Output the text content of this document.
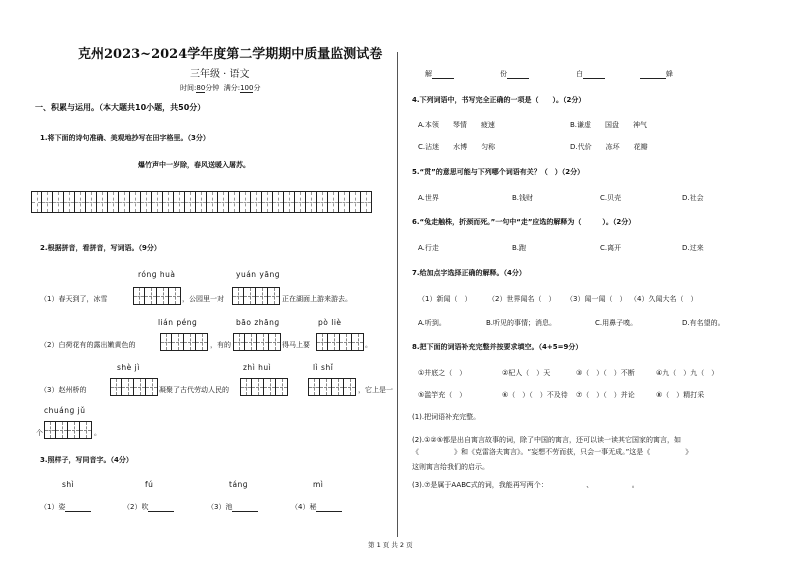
克州2023~2024学年度第二学期期中质量监测试卷
三年级 · 语文
时间:80分钟 满分:100分
一、积累与运用。（本大题共10小题，共50分）
1.将下面的诗句准确、美观地抄写在田字格里。（3分）
爆竹声中一岁除，春风送暖入屠苏。
2.根据拼音，看拼音，写词语。（9分）
rónɡ huà	yuán yānɡ
（1）春天到了，冰雪	，公园里一对	正在湖面上游来游去。
lián pénɡ	bāo zhānɡ	pò liè
（2）白荷花有的露出嫩黄色的	，有的	得马上要	。
shè jì	zhì huì	lì shǐ
（3）赵州桥的	凝聚了古代劳动人民的	，它上是一
chuánɡ jǔ
个	。
3.照样子，写同音字。（4分）
shì	fú	tánɡ	mì
（1）姿	（2）吹	（3）池	（4）秘
解	份	白	蜂
4.下列词语中，书写完全正确的一项是（　　）。（2分）
A.本领　　琴情　　疲速	B.谦虚　　国盘　　神气
C.沾迷　　水博　　匀称	D.代价　　冻坏　　花瓣
5.“贯”的意思可能与下列哪个词语有关？（　）（2分）
A.世界	B.钱财	C.贝壳	D.社会
6.“兔走触株，折颈而死。”一句中“走”应选的解释为（　　　）。（2分）
A.行走	B.跑	C.离开	D.过来
7.给加点字选择正确的解释。（4分）
（1）新闻（　） （2）世界闻名（　） （3）闻一闻（　） （4）久闻大名（　）
A.听到。	B.听见的事情；消息。	C.用鼻子嗅。	D.有名望的。
8.把下面的词语补充完整并按要求填空。（4+5=9分）
①井底之（　）	②杞人（　）天	③（　）（　）不断	④九（　）九（　）
⑤滥竽充（　）	⑥（　）（　）不及待 ⑦（　）（　）并论	⑧（　）精打采
(1).把词语补充完整。
(2).①②⑤都是出自寓言故事的词，除了中国的寓言，还可以读一读其它国家的寓言，如
《　　　　　》和《克雷洛夫寓言》。“妄想不劳而获，只会一事无成。”这是《　　　　　》
这则寓言给我们的启示。
(3).⑦是属于AABC式的词，我能再写两个：　　　　　　、　　　　　　。
第 1 页 共 2 页
